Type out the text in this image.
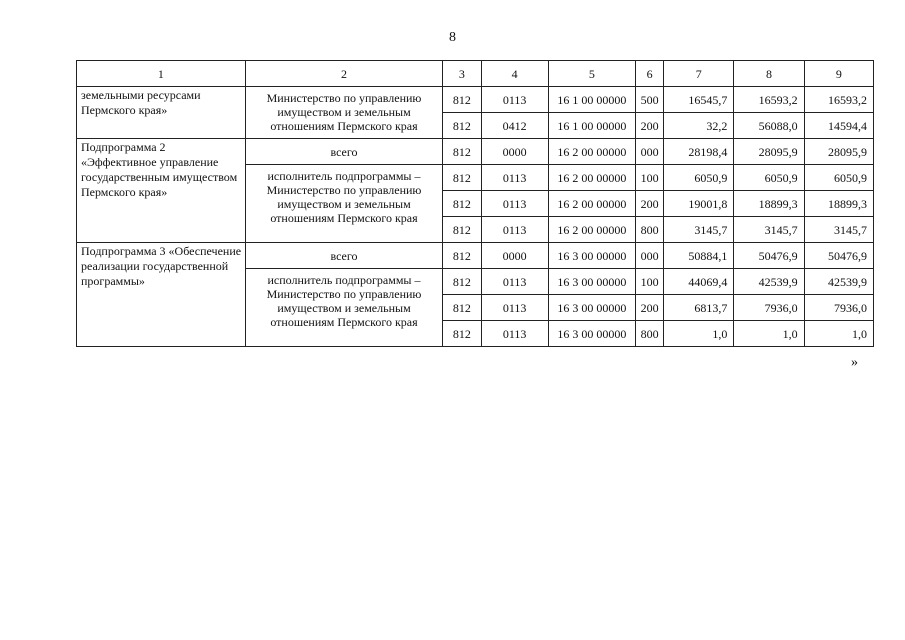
8
1	2	3	4	5	6	7	8	9
земельными ресурсами Пермского края»	Министерство по управлению имуществом и земельным отношениям Пермского края	812	0113	16 1 00 00000	500	16545,7	16593,2	16593,2
		812	0412	16 1 00 00000	200	32,2	56088,0	14594,4
Подпрограмма 2 «Эффективное управление государственным имуществом Пермского края»	всего	812	0000	16 2 00 00000	000	28198,4	28095,9	28095,9
	исполнитель подпрограммы – Министерство по управлению имуществом и земельным отношениям Пермского края	812	0113	16 2 00 00000	100	6050,9	6050,9	6050,9
		812	0113	16 2 00 00000	200	19001,8	18899,3	18899,3
		812	0113	16 2 00 00000	800	3145,7	3145,7	3145,7
Подпрограмма 3 «Обеспечение реализации государственной программы»	всего	812	0000	16 3 00 00000	000	50884,1	50476,9	50476,9
	исполнитель подпрограммы – Министерство по управлению имуществом и земельным отношениям Пермского края	812	0113	16 3 00 00000	100	44069,4	42539,9	42539,9
		812	0113	16 3 00 00000	200	6813,7	7936,0	7936,0
		812	0113	16 3 00 00000	800	1,0	1,0	1,0
»
